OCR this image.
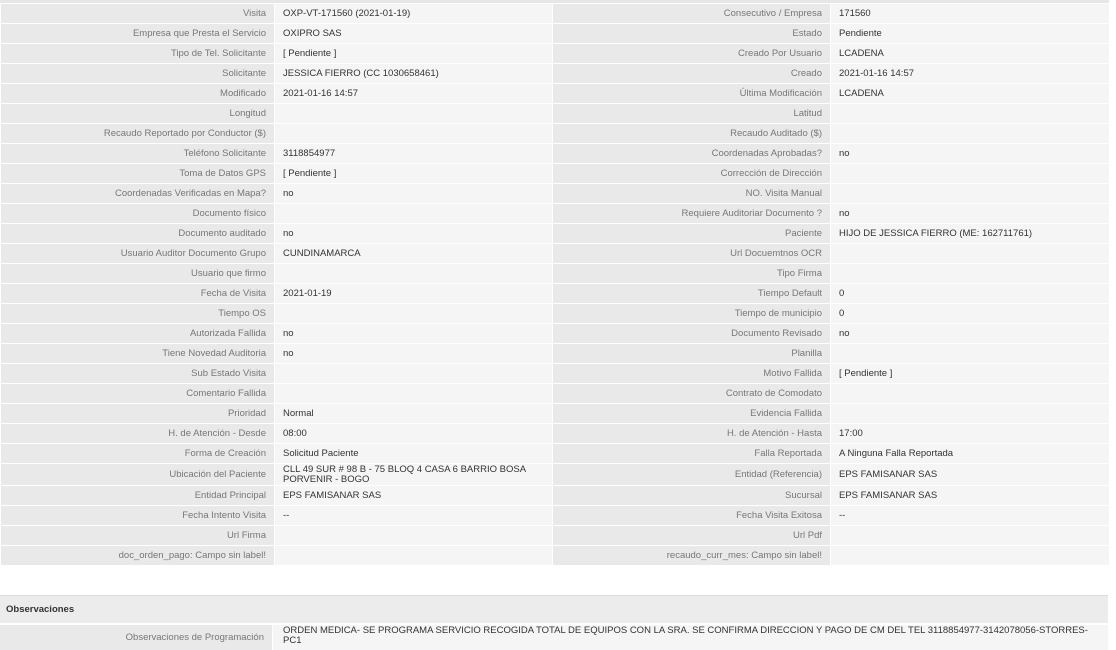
Visita	OXP-VT-171560 (2021-01-19)	Consecutivo / Empresa	171560
Empresa que Presta el Servicio	OXIPRO SAS	Estado	Pendiente
Tipo de Tel. Solicitante	[ Pendiente ]	Creado Por Usuario	LCADENA
Solicitante	JESSICA FIERRO (CC 1030658461)	Creado	2021-01-16 14:57
Modificado	2021-01-16 14:57	Última Modificación	LCADENA
Longitud		Latitud	
Recaudo Reportado por Conductor ($)		Recaudo Auditado ($)	
Teléfono Solicitante	3118854977	Coordenadas Aprobadas?	no
Toma de Datos GPS	[ Pendiente ]	Corrección de Dirección	
Coordenadas Verificadas en Mapa?	no	NO. Visita Manual	
Documento físico		Requiere Auditoriar Documento ?	no
Documento auditado	no	Paciente	HIJO DE JESSICA FIERRO (ME: 162711761)
Usuario Auditor Documento Grupo	CUNDINAMARCA	Url Docuemtnos OCR	
Usuario que firmo		Tipo Firma	
Fecha de Visita	2021-01-19	Tiempo Default	0
Tiempo OS		Tiempo de municipio	0
Autorizada Fallida	no	Documento Revisado	no
Tiene Novedad Auditoria	no	Planilla	
Sub Estado Visita		Motivo Fallida	[ Pendiente ]
Comentario Fallida		Contrato de Comodato	
Prioridad	Normal	Evidencia Fallida	
H. de Atención - Desde	08:00	H. de Atención - Hasta	17:00
Forma de Creación	Solicitud Paciente	Falla Reportada	A Ninguna Falla Reportada
Ubicación del Paciente	CLL 49 SUR # 98 B - 75 BLOQ 4 CASA 6 BARRIO BOSA PORVENIR - BOGO	Entidad (Referencia)	EPS FAMISANAR SAS
Entidad Principal	EPS FAMISANAR SAS	Sucursal	EPS FAMISANAR SAS
Fecha Intento Visita	--	Fecha Visita Exitosa	--
Url Firma		Url Pdf	
doc_orden_pago: Campo sin label!		recaudo_curr_mes: Campo sin label!	
Observaciones
Observaciones de Programación
ORDEN MEDICA- SE PROGRAMA SERVICIO RECOGIDA TOTAL DE EQUIPOS CON LA SRA. SE CONFIRMA DIRECCION Y PAGO DE CM DEL TEL 3118854977-3142078056-STORRES-PC1
